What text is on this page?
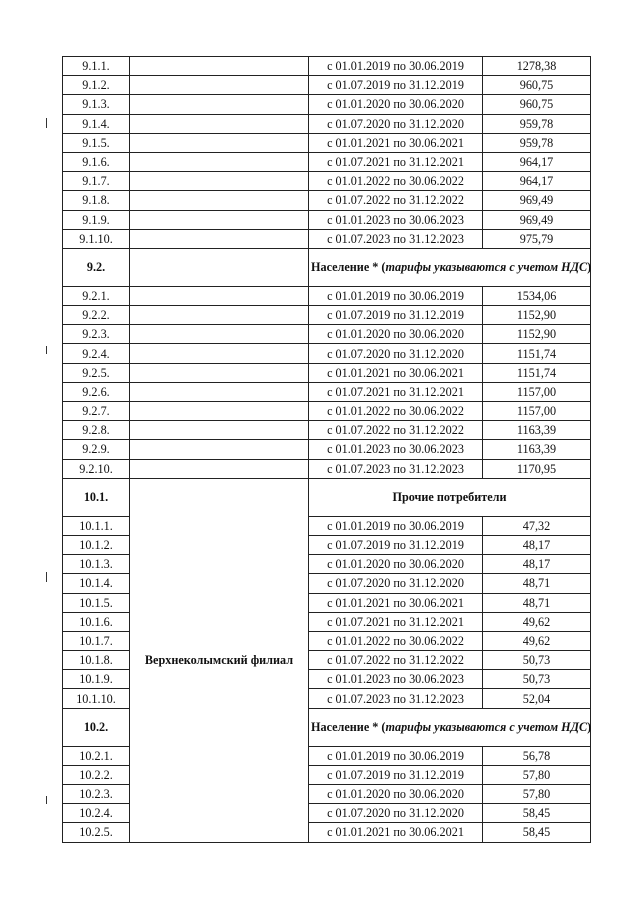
9.1.1.		с 01.01.2019 по 30.06.2019	1278,38
9.1.2.		с 01.07.2019 по 31.12.2019	960,75
9.1.3.		с 01.01.2020 по 30.06.2020	960,75
9.1.4.		с 01.07.2020 по 31.12.2020	959,78
9.1.5.		с 01.01.2021 по 30.06.2021	959,78
9.1.6.		с 01.07.2021 по 31.12.2021	964,17
9.1.7.		с 01.01.2022 по 30.06.2022	964,17
9.1.8.		с 01.07.2022 по 31.12.2022	969,49
9.1.9.		с 01.01.2023 по 30.06.2023	969,49
9.1.10.		с 01.07.2023 по 31.12.2023	975,79
9.2.		Население * (тарифы указываются с учетом НДС)	
9.2.1.		с 01.01.2019 по 30.06.2019	1534,06
9.2.2.		с 01.07.2019 по 31.12.2019	1152,90
9.2.3.		с 01.01.2020 по 30.06.2020	1152,90
9.2.4.		с 01.07.2020 по 31.12.2020	1151,74
9.2.5.		с 01.01.2021 по 30.06.2021	1151,74
9.2.6.		с 01.07.2021 по 31.12.2021	1157,00
9.2.7.		с 01.01.2022 по 30.06.2022	1157,00
9.2.8.		с 01.07.2022 по 31.12.2022	1163,39
9.2.9.		с 01.01.2023 по 30.06.2023	1163,39
9.2.10.		с 01.07.2023 по 31.12.2023	1170,95
10.1.	Верхнеколымский филиал	Прочие потребители	
10.1.1.		с 01.01.2019 по 30.06.2019	47,32
10.1.2.		с 01.07.2019 по 31.12.2019	48,17
10.1.3.		с 01.01.2020 по 30.06.2020	48,17
10.1.4.		с 01.07.2020 по 31.12.2020	48,71
10.1.5.		с 01.01.2021 по 30.06.2021	48,71
10.1.6.		с 01.07.2021 по 31.12.2021	49,62
10.1.7.		с 01.01.2022 по 30.06.2022	49,62
10.1.8.		с 01.07.2022 по 31.12.2022	50,73
10.1.9.		с 01.01.2023 по 30.06.2023	50,73
10.1.10.		с 01.07.2023 по 31.12.2023	52,04
10.2.		Население * (тарифы указываются с учетом НДС)	
10.2.1.		с 01.01.2019 по 30.06.2019	56,78
10.2.2.		с 01.07.2019 по 31.12.2019	57,80
10.2.3.		с 01.01.2020 по 30.06.2020	57,80
10.2.4.		с 01.07.2020 по 31.12.2020	58,45
10.2.5.		с 01.01.2021 по 30.06.2021	58,45
